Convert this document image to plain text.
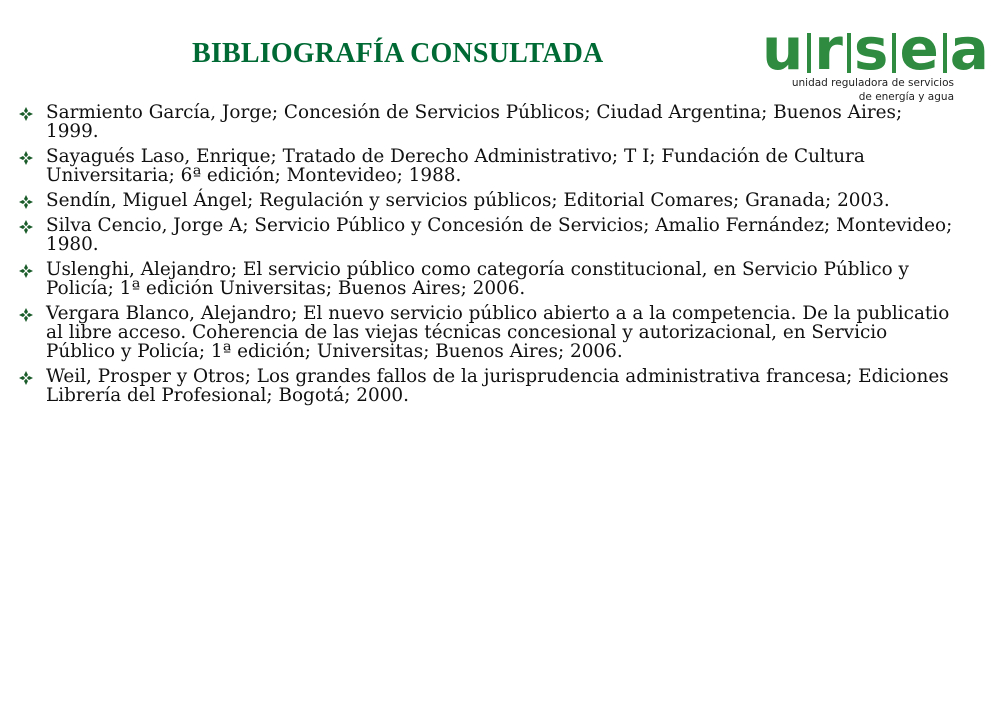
BIBLIOGRAFÍA CONSULTADA	u r s e a
unidad reguladora de servicios
de energía y agua
Sarmiento García, Jorge; Concesión de Servicios Públicos; Ciudad Argentina; Buenos Aires; 1999.
Sayagués Laso, Enrique; Tratado de Derecho Administrativo; T I; Fundación de Cultura Universitaria; 6ª edición; Montevideo; 1988.
Sendín, Miguel Ángel; Regulación y servicios públicos; Editorial Comares; Granada; 2003.
Silva Cencio, Jorge A; Servicio Público y Concesión de Servicios; Amalio Fernández; Montevideo; 1980.
Uslenghi, Alejandro; El servicio público como categoría constitucional, en Servicio Público y Policía; 1ª edición Universitas; Buenos Aires; 2006.
Vergara Blanco, Alejandro; El nuevo servicio público abierto a a la competencia. De la publicatio al libre acceso. Coherencia de las viejas técnicas concesional y autorizacional, en Servicio Público y Policía; 1ª edición; Universitas; Buenos Aires; 2006.
Weil, Prosper y Otros; Los grandes fallos de la jurisprudencia administrativa francesa; Ediciones Librería del Profesional; Bogotá; 2000.
